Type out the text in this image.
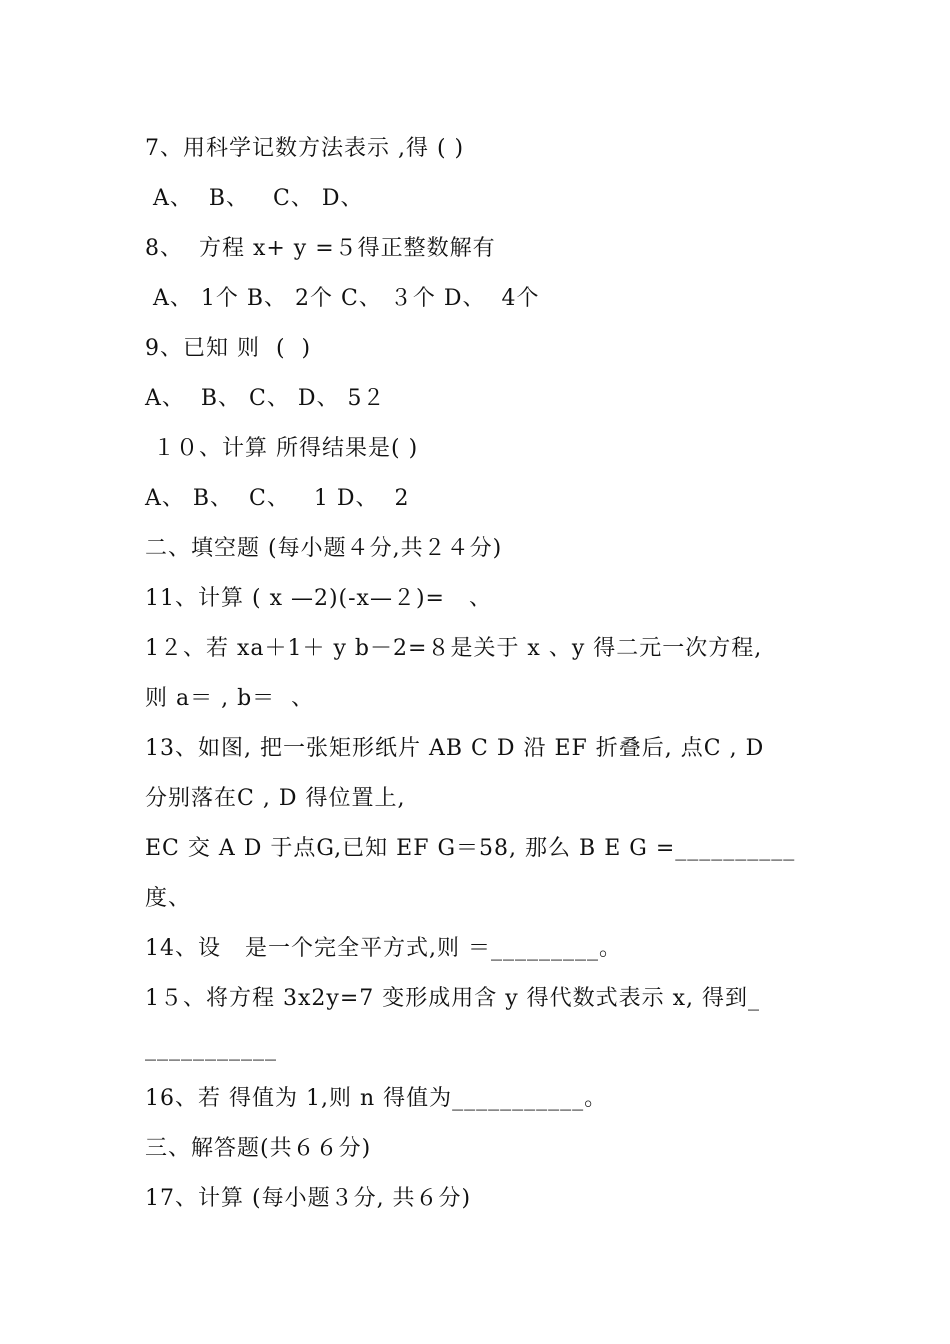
7、用科学记数方法表示 ,得 ( )
A、  B、   C、 D、
8、  方程 x+ y =５得正整数解有
A、 1个 B、 2个 C、 ３个 D、  4个
9、已知 则  (  )
A、  B、 C、 D、 5２
１０、计算 所得结果是( )
A、 B、  C、   1 D、  2
二、填空题 (每小题４分,共２４分)
11、计算 ( x —2)(-x—２)=   、
1２、若 xa＋1＋ y b－2=８是关于 x 、y 得二元一次方程,
则 a＝ , b＝  、
13、如图, 把一张矩形纸片 AB C D 沿 EF 折叠后, 点C , D
分别落在C , D 得位置上,
EC 交 A D 于点G,已知 EF G＝58, 那么 B E G =__________
度、
14、设   是一个完全平方式,则 ＝_________。
1５、将方程 3x2y=7 变形成用含 y 得代数式表示 x, 得到_
___________
16、若 得值为 1,则 n 得值为___________。
三、解答题(共６６分)
17、计算 (每小题３分, 共６分)
